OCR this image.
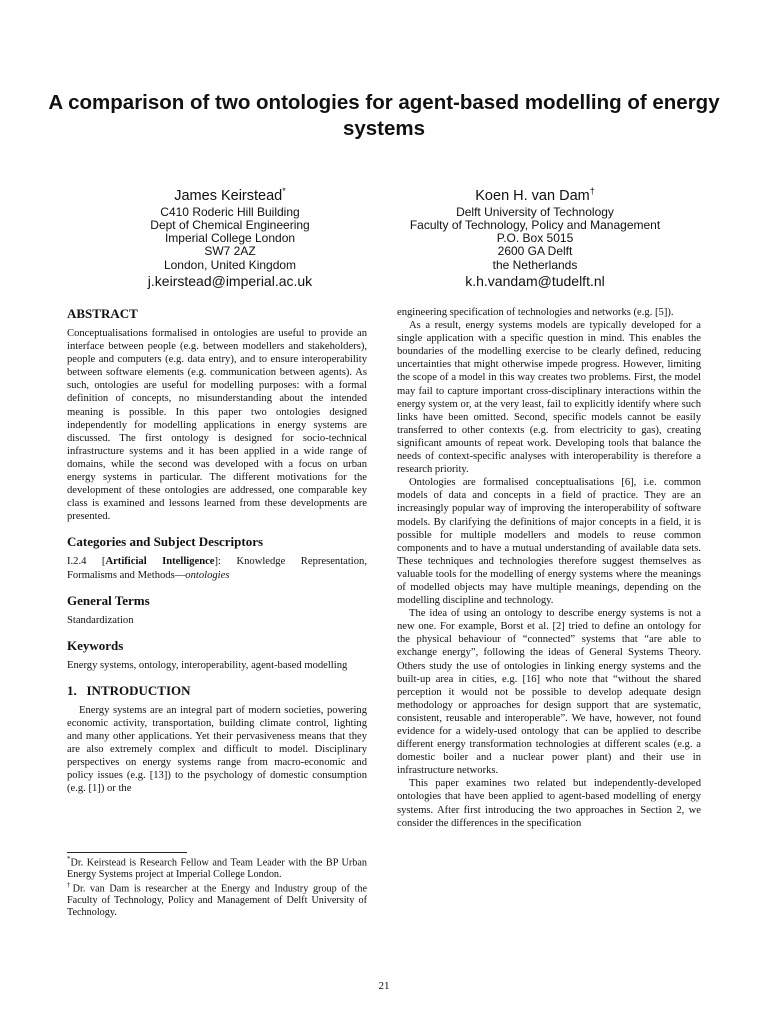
A comparison of two ontologies for agent-based modelling of energy systems
James Keirstead*
C410 Roderic Hill Building
Dept of Chemical Engineering
Imperial College London
SW7 2AZ
London, United Kingdom
j.keirstead@imperial.ac.uk
Koen H. van Dam†
Delft University of Technology
Faculty of Technology, Policy and Management
P.O. Box 5015
2600 GA Delft
the Netherlands
k.h.vandam@tudelft.nl
ABSTRACT

Conceptualisations formalised in ontologies are useful to provide an interface between people (e.g. between modellers and stakeholders), people and computers (e.g. data entry), and to ensure interoperability between software elements (e.g. communication between agents). As such, ontologies are useful for modelling purposes: with a formal definition of concepts, no misunderstanding about the intended meaning is possible. In this paper two ontologies designed independently for modelling applications in energy systems are discussed. The first ontology is designed for socio-technical infrastructure systems and it has been applied in a wide range of domains, while the second was developed with a focus on urban energy systems in particular. The different motivations for the development of these ontologies are addressed, one comparable key class is examined and lessons learned from these developments are presented.

Categories and Subject Descriptors

I.2.4 [Artificial Intelligence]: Knowledge Representation, Formalisms and Methods—ontologies

General Terms

Standardization

Keywords

Energy systems, ontology, interoperability, agent-based modelling

1.   INTRODUCTION

Energy systems are an integral part of modern societies, powering economic activity, transportation, building climate control, lighting and many other applications. Yet their pervasiveness means that they are also extremely complex and difficult to model. Disciplinary perspectives on energy systems range from macro-economic and policy issues (e.g. [13]) to the psychology of domestic consumption (e.g. [1]) or the

engineering specification of technologies and networks (e.g. [5]).

As a result, energy systems models are typically developed for a single application with a specific question in mind. This enables the boundaries of the modelling exercise to be clearly defined, reducing uncertainties that might otherwise impede progress. However, limiting the scope of a model in this way creates two problems. First, the model may fail to capture important cross-disciplinary interactions within the energy system or, at the very least, fail to explicitly identify where such links have been omitted. Second, specific models cannot be easily transferred to other contexts (e.g. from electricity to gas), creating significant amounts of repeat work. Developing tools that balance the needs of context-specific analyses with interoperability is therefore a research priority.

Ontologies are formalised conceptualisations [6], i.e. common models of data and concepts in a field of practice. They are an increasingly popular way of improving the interoperability of software models. By clarifying the definitions of major concepts in a field, it is possible for multiple modellers and models to reuse common components and to have a mutual understanding of available data sets. These techniques and technologies therefore suggest themselves as valuable tools for the modelling of energy systems where the meanings of modelled objects may have multiple meanings, depending on the modelling discipline and technology.

The idea of using an ontology to describe energy systems is not a new one. For example, Borst et al. [2] tried to define an ontology for the physical behaviour of “connected” systems that “are able to exchange energy”, following the ideas of General Systems Theory. Others study the use of ontologies in linking energy systems and the built-up area in cities, e.g. [16] who note that “without the shared perception it would not be possible to develop adequate design methodology or approaches for design support that are systematic, consistent, reusable and interoperable”. We have, however, not found evidence for a widely-used ontology that can be applied to describe different energy transformation technologies at different scales (e.g. a domestic boiler and a nuclear power plant) and their use in infrastructure networks.

This paper examines two related but independently-developed ontologies that have been applied to agent-based modelling of energy systems. After first introducing the two approaches in Section 2, we consider the differences in the specification

*Dr. Keirstead is Research Fellow and Team Leader with the BP Urban Energy Systems project at Imperial College London.

†Dr. van Dam is researcher at the Energy and Industry group of the Faculty of Technology, Policy and Management of Delft University of Technology.

21
